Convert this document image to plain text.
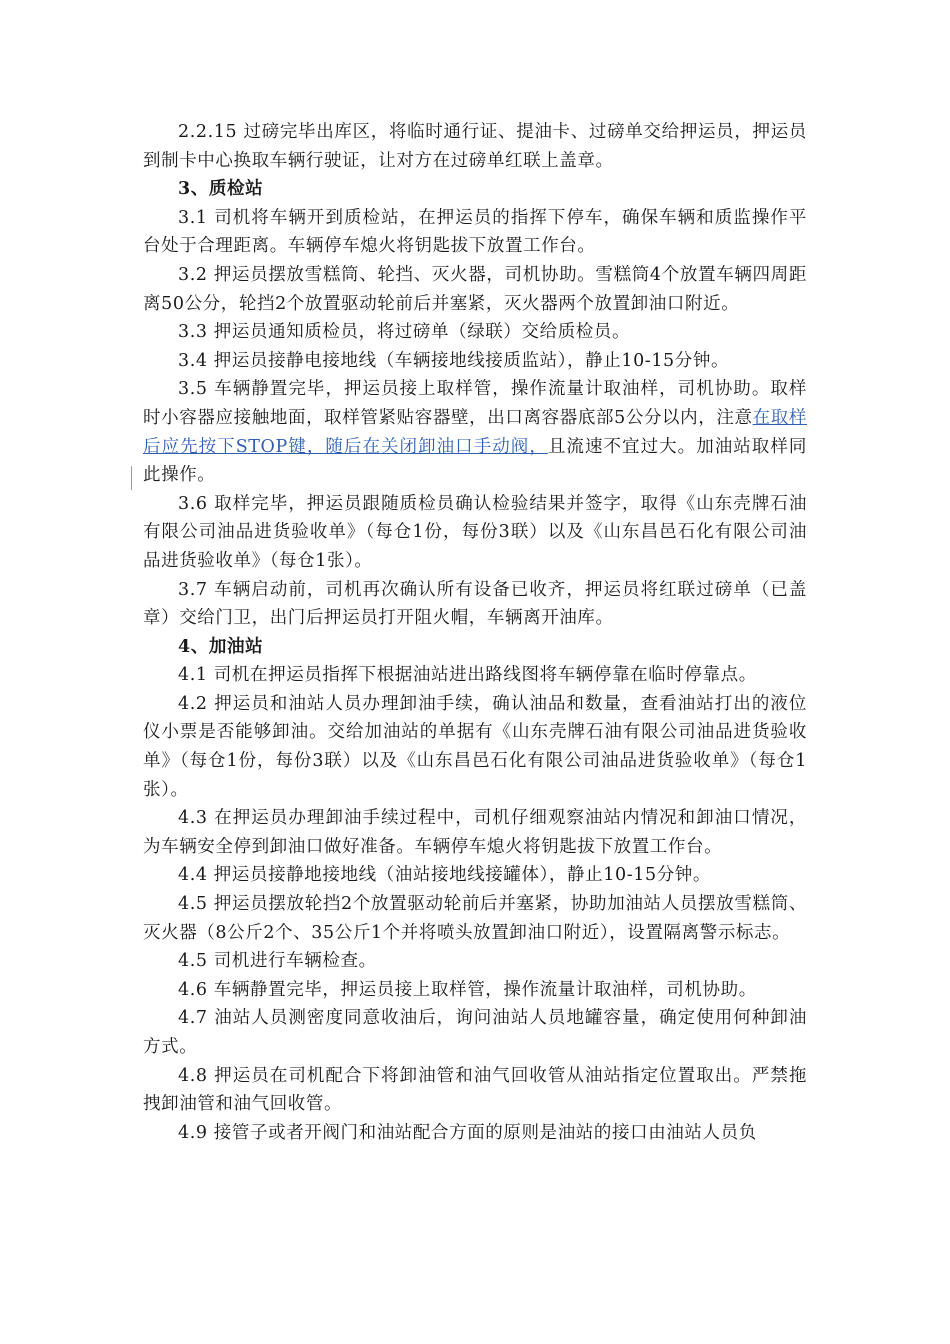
2.2.15 过磅完毕出库区，将临时通行证、提油卡、过磅单交给押运员，押运员到制卡中心换取车辆行驶证，让对方在过磅单红联上盖章。

3、质检站

3.1 司机将车辆开到质检站，在押运员的指挥下停车，确保车辆和质监操作平台处于合理距离。车辆停车熄火将钥匙拔下放置工作台。

3.2 押运员摆放雪糕筒、轮挡、灭火器，司机协助。雪糕筒4个放置车辆四周距离50公分，轮挡2个放置驱动轮前后并塞紧，灭火器两个放置卸油口附近。

3.3 押运员通知质检员，将过磅单（绿联）交给质检员。

3.4 押运员接静电接地线（车辆接地线接质监站），静止10-15分钟。

3.5 车辆静置完毕，押运员接上取样管，操作流量计取油样，司机协助。取样时小容器应接触地面，取样管紧贴容器壁，出口离容器底部5公分以内，注意在取样后应先按下STOP键，随后在关闭卸油口手动阀，且流速不宜过大。加油站取样同此操作。

3.6 取样完毕，押运员跟随质检员确认检验结果并签字，取得《山东壳牌石油有限公司油品进货验收单》（每仓1份，每份3联）以及《山东昌邑石化有限公司油品进货验收单》（每仓1张）。

3.7 车辆启动前，司机再次确认所有设备已收齐，押运员将红联过磅单（已盖章）交给门卫，出门后押运员打开阻火帽，车辆离开油库。

4、加油站

4.1 司机在押运员指挥下根据油站进出路线图将车辆停靠在临时停靠点。

4.2 押运员和油站人员办理卸油手续，确认油品和数量，查看油站打出的液位仪小票是否能够卸油。交给加油站的单据有《山东壳牌石油有限公司油品进货验收单》（每仓1份，每份3联）以及《山东昌邑石化有限公司油品进货验收单》（每仓1张）。

4.3 在押运员办理卸油手续过程中，司机仔细观察油站内情况和卸油口情况，为车辆安全停到卸油口做好准备。车辆停车熄火将钥匙拔下放置工作台。

4.4 押运员接静地接地线（油站接地线接罐体），静止10-15分钟。

4.5 押运员摆放轮挡2个放置驱动轮前后并塞紧，协助加油站人员摆放雪糕筒、灭火器（8公斤2个、35公斤1个并将喷头放置卸油口附近），设置隔离警示标志。

4.5 司机进行车辆检查。

4.6 车辆静置完毕，押运员接上取样管，操作流量计取油样，司机协助。

4.7 油站人员测密度同意收油后，询问油站人员地罐容量，确定使用何种卸油方式。

4.8 押运员在司机配合下将卸油管和油气回收管从油站指定位置取出。严禁拖拽卸油管和油气回收管。

4.9 接管子或者开阀门和油站配合方面的原则是油站的接口由油站人员负
